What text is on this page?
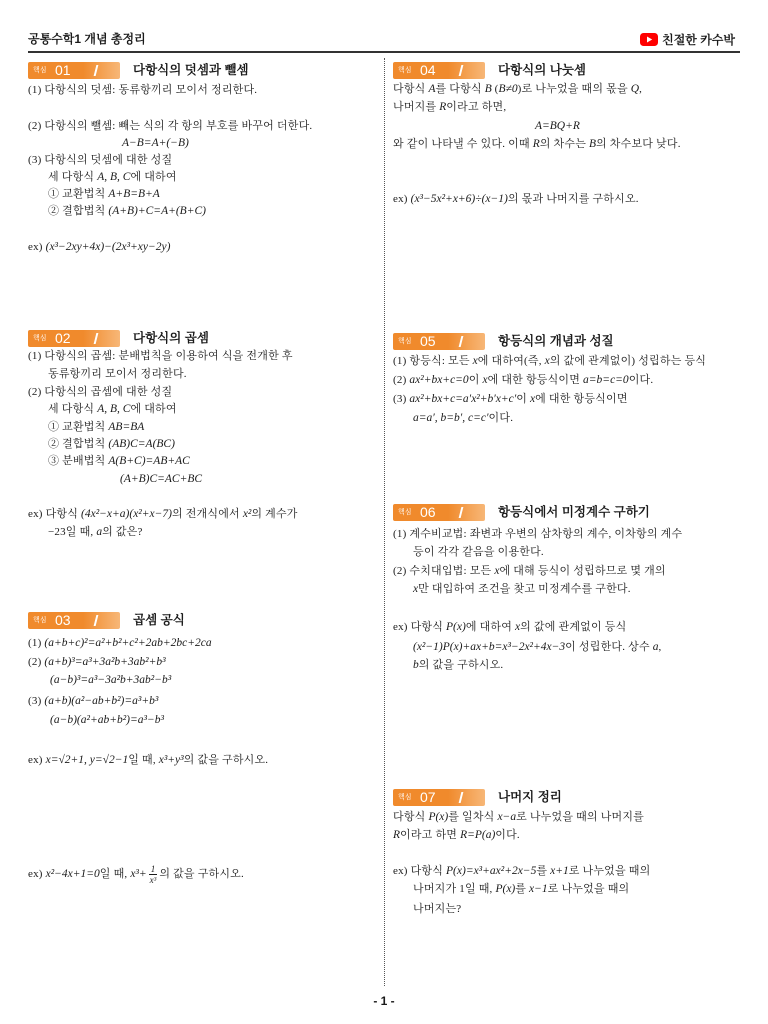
공통수학1 개념 총정리	친절한 카수박
핵심 01	다항식의 덧셈과 뺄셈
(1) 다항식의 덧셈: 동류항끼리 모이서 정리한다.
(2) 다항식의 뺄셈: 빼는 식의 각 항의 부호를 바꾸어 더한다.
A−B=A+(−B)
(3) 다항식의 덧셈에 대한 성질
세 다항식 A, B, C에 대하여
① 교환법칙 A+B=B+A
② 결합법칙 (A+B)+C=A+(B+C)
ex) (x³−2xy+4x)−(2x³+xy−2y)
핵심 02	다항식의 곱셈
(1) 다항식의 곱셈: 분배법칙을 이용하여 식을 전개한 후
동류항끼리 모이서 정리한다.
(2) 다항식의 곱셈에 대한 성질
세 다항식 A, B, C에 대하여
① 교환법칙 AB=BA
② 결합법칙 (AB)C=A(BC)
③ 분배법칙 A(B+C)=AB+AC
(A+B)C=AC+BC
ex) 다항식 (4x²−x+a)(x²+x−7)의 전개식에서 x²의 계수가
−23일 때, a의 값은?
핵심 03	곱셈 공식
(1) (a+b+c)²=a²+b²+c²+2ab+2bc+2ca
(2) (a+b)³=a³+3a²b+3ab²+b³
(a−b)³=a³−3a²b+3ab²−b³
(3) (a+b)(a²−ab+b²)=a³+b³
(a−b)(a²+ab+b²)=a³−b³
ex) x=√2+1, y=√2−1일 때, x³+y³의 값을 구하시오.
ex) x²−4x+1=0일 때, $x^3+ \frac{1}{\text{x³}}$ 의 값을 구하시오.
핵심 04	다항식의 나눗셈
다항식 A를 다항식 B (B≠0)로 나누었을 때의 몫을 Q,
나머지를 R이라고 하면,
A=BQ+R
와 같이 나타낼 수 있다. 이때 R의 차수는 B의 차수보다 낮다.
ex) (x³−5x²+x+6)÷(x−1)의 몫과 나머지를 구하시오.
핵심 05	항등식의 개념과 성질
(1) 항등식: 모든 x에 대하여(즉, x의 값에 관계없이) 성립하는 등식
(2) ax²+bx+c=0이 x에 대한 항등식이면 a=b=c=0이다.
(3) ax²+bx+c=a′x²+b′x+c′이 x에 대한 항등식이면
a=a′, b=b′, c=c′이다.
핵심 06	항등식에서 미정계수 구하기
(1) 계수비교법: 좌변과 우변의 삼차항의 계수, 이차항의 계수
등이 각각 같음을 이용한다.
(2) 수치대입법: 모든 x에 대해 등식이 성립하므로 몇 개의
x만 대입하여 조건을 찾고 미정계수를 구한다.
ex) 다항식 P(x)에 대하여 x의 값에 관계없이 등식
(x²−1)P(x)+ax+b=x³−2x²+4x−3이 성립한다. 상수 a,
b의 값을 구하시오.
핵심 07	나머지 정리
다항식 P(x)를 일차식 x−a로 나누었을 때의 나머지를
R이라고 하면 R=P(a)이다.
ex) 다항식 P(x)=x³+ax²+2x−5를 x+1로 나누었을 때의
나머지가 1일 때, P(x)를 x−1로 나누었을 때의
나머지는?
- 1 -
